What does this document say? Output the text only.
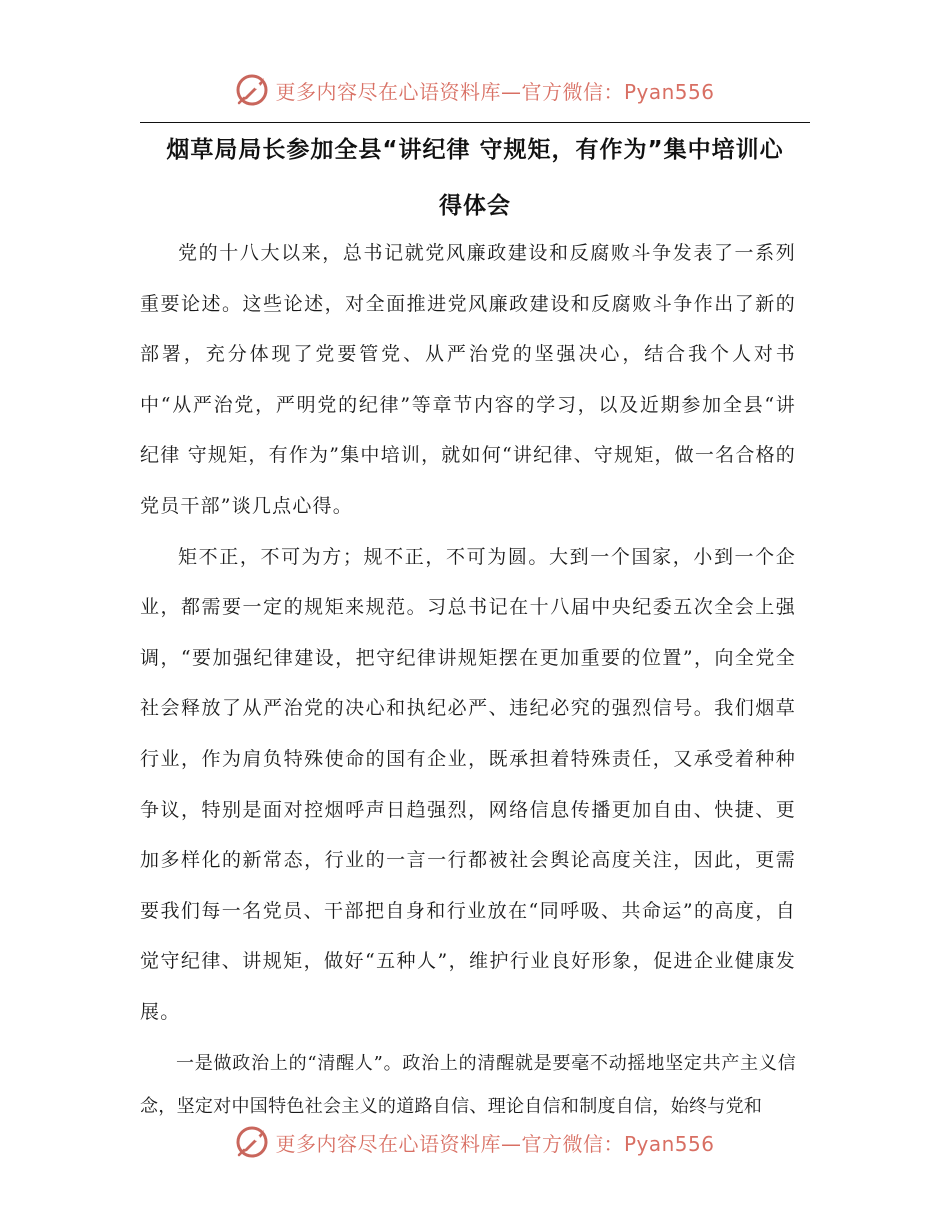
更多内容尽在心语资料库—官方微信：Pyan556
烟草局局长参加全县“讲纪律 守规矩，有作为”集中培训心
得体会

党的十八大以来，总书记就党风廉政建设和反腐败斗争发表了一系列重要论述。这些论述，对全面推进党风廉政建设和反腐败斗争作出了新的部署，充分体现了党要管党、从严治党的坚强决心，结合我个人对书中“从严治党，严明党的纪律”等章节内容的学习，以及近期参加全县“讲纪律 守规矩，有作为”集中培训，就如何“讲纪律、守规矩，做一名合格的党员干部”谈几点心得。

矩不正，不可为方；规不正，不可为圆。大到一个国家，小到一个企业，都需要一定的规矩来规范。习总书记在十八届中央纪委五次全会上强调，“要加强纪律建设，把守纪律讲规矩摆在更加重要的位置”，向全党全社会释放了从严治党的决心和执纪必严、违纪必究的强烈信号。我们烟草行业，作为肩负特殊使命的国有企业，既承担着特殊责任，又承受着种种争议，特别是面对控烟呼声日趋强烈，网络信息传播更加自由、快捷、更加多样化的新常态，行业的一言一行都被社会舆论高度关注，因此，更需要我们每一名党员、干部把自身和行业放在“同呼吸、共命运”的高度，自觉守纪律、讲规矩，做好“五种人”，维护行业良好形象，促进企业健康发展。

一是做政治上的“清醒人”。政治上的清醒就是要毫不动摇地坚定共产主义信念，坚定对中国特色社会主义的道路自信、理论自信和制度自信，始终与党和

更多内容尽在心语资料库—官方微信：Pyan556
